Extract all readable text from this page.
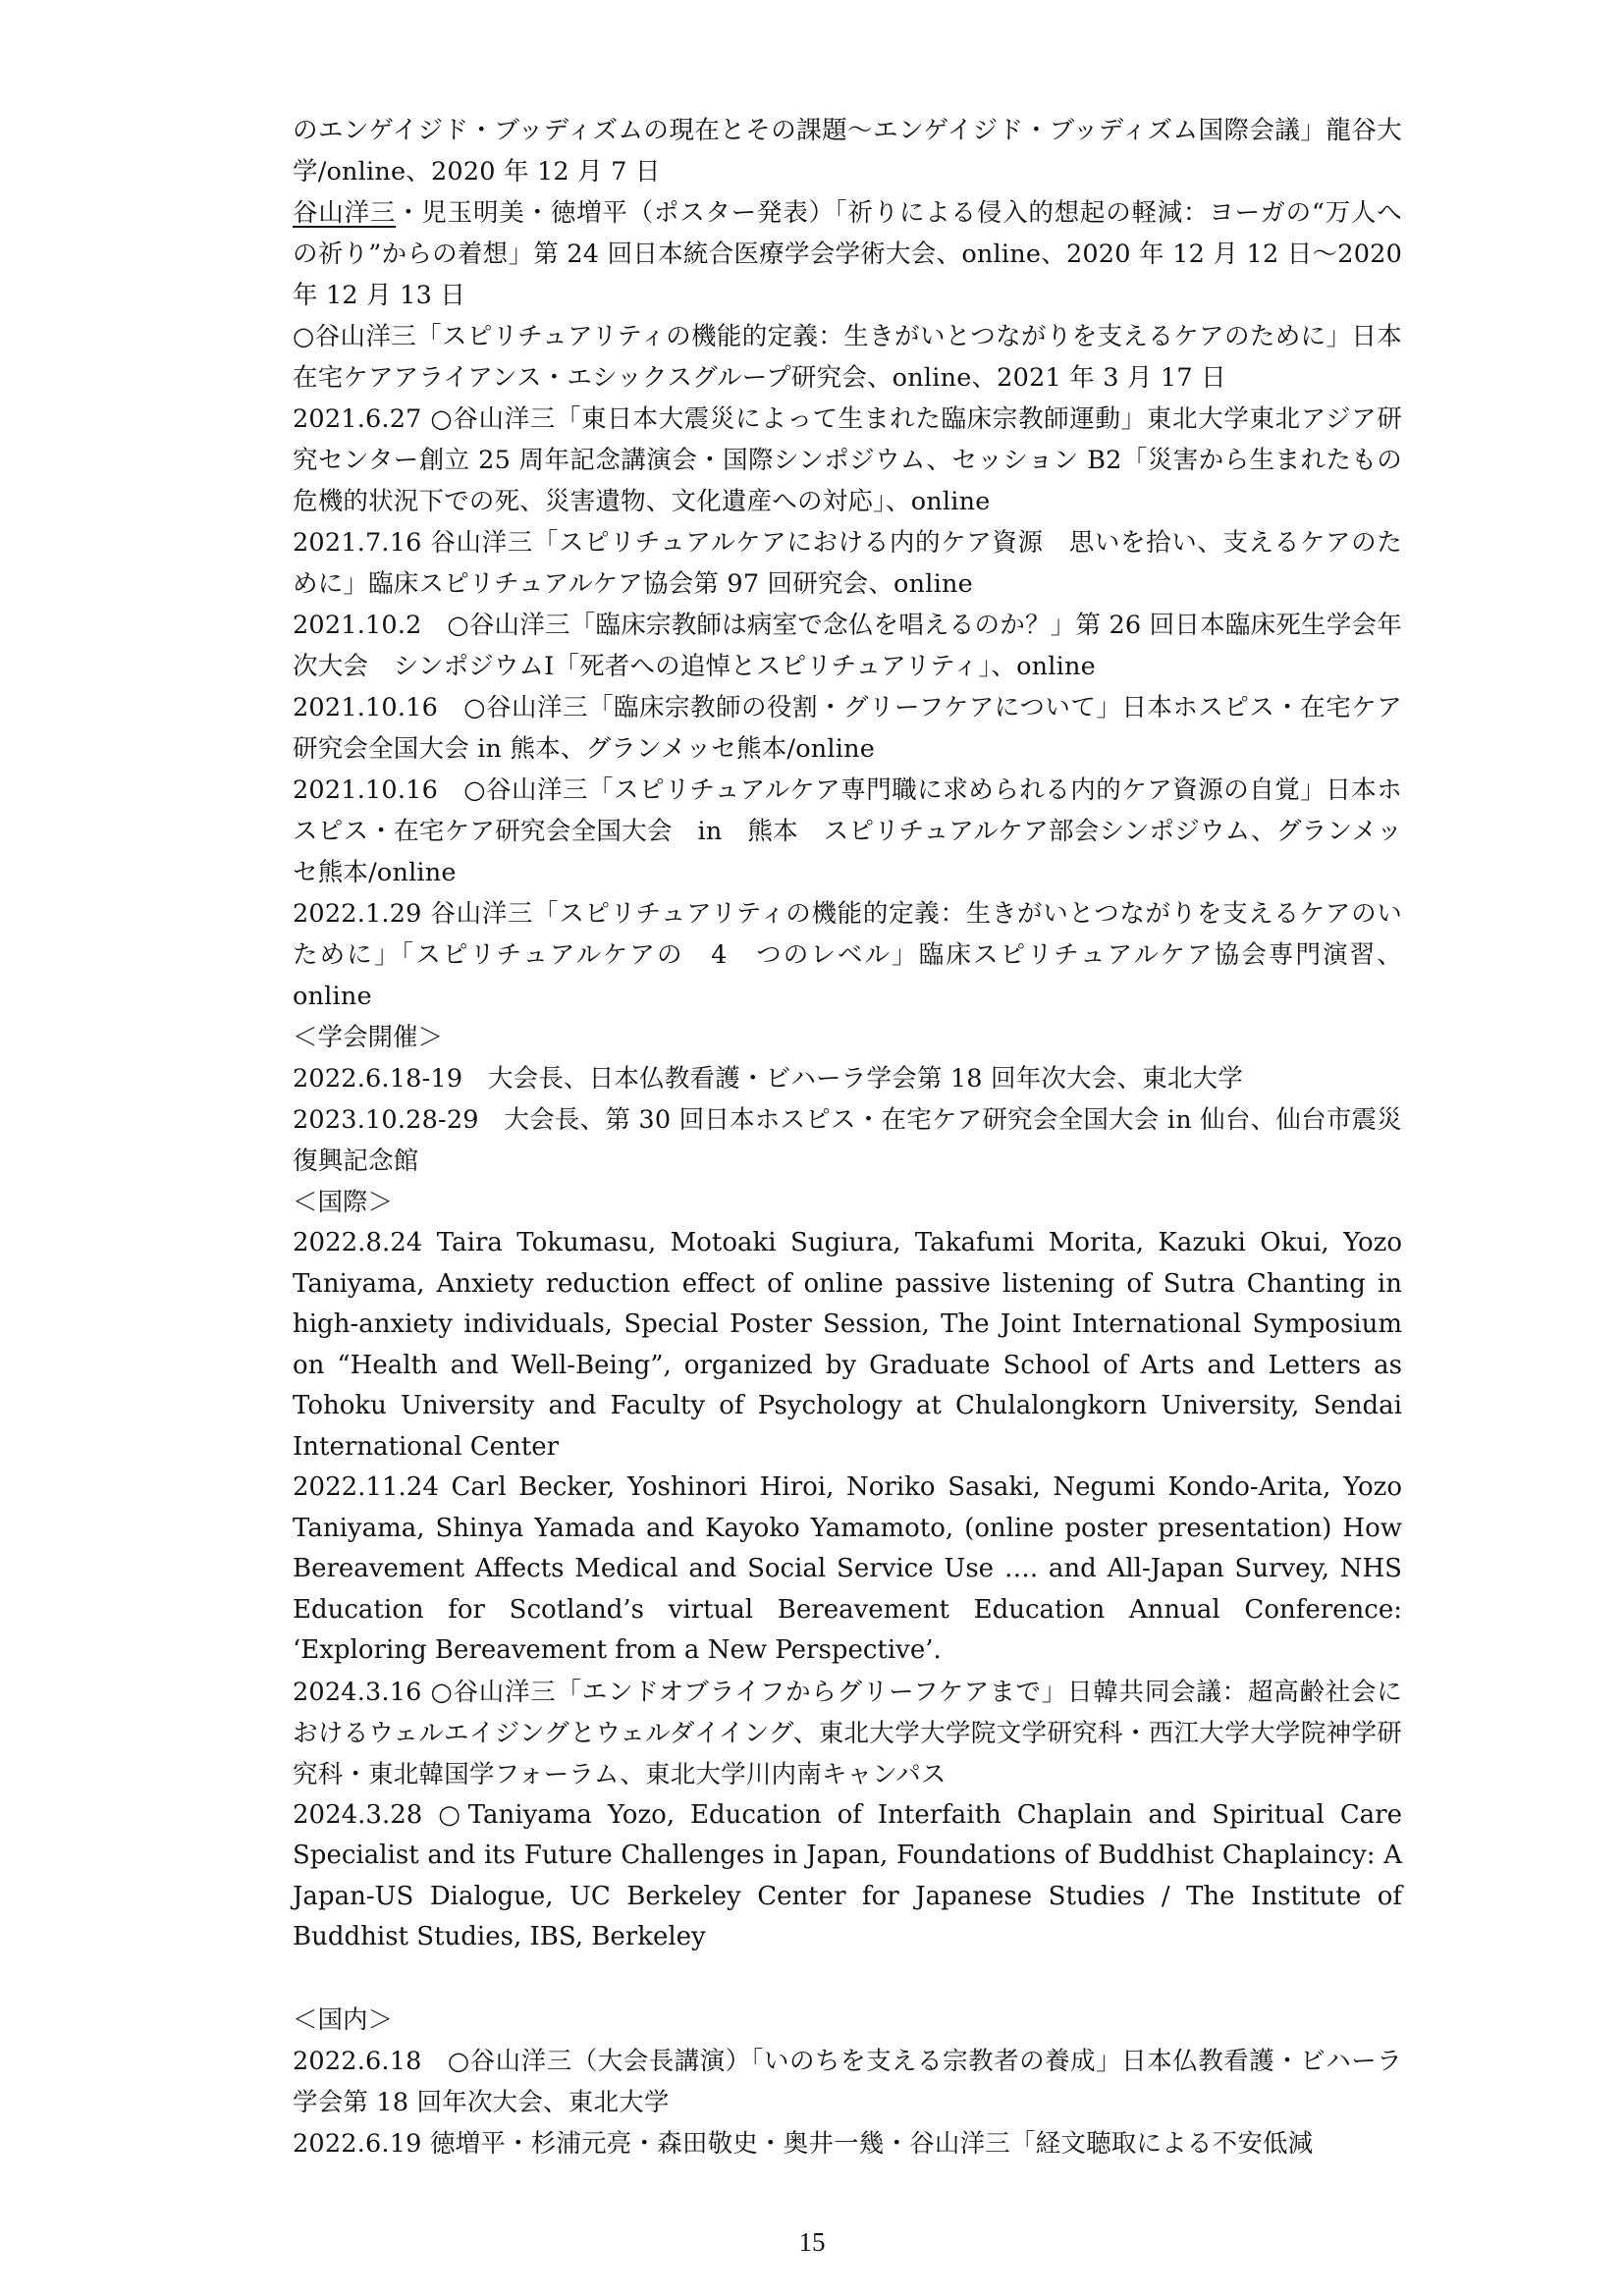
のエンゲイジド・ブッディズムの現在とその課題～エンゲイジド・ブッディズム国際会議」龍谷大学/online、2020 年 12 月 7 日

谷山洋三・児玉明美・徳増平（ポスター発表）「祈りによる侵入的想起の軽減：ヨーガの“万人への祈り”からの着想」第 24 回日本統合医療学会学術大会、online、2020 年 12 月 12 日～2020 年 12 月 13 日

○谷山洋三「スピリチュアリティの機能的定義：生きがいとつながりを支えるケアのために」日本在宅ケアアライアンス・エシックスグループ研究会、online、2021 年 3 月 17 日

2021.6.27 ○谷山洋三「東日本大震災によって生まれた臨床宗教師運動」東北大学東北アジア研究センター創立 25 周年記念講演会・国際シンポジウム、セッション B2「災害から生まれたもの　危機的状況下での死、災害遺物、文化遺産への対応」、online

2021.7.16 谷山洋三「スピリチュアルケアにおける内的ケア資源　思いを拾い、支えるケアのために」臨床スピリチュアルケア協会第 97 回研究会、online

2021.10.2　○谷山洋三「臨床宗教師は病室で念仏を唱えるのか？」第 26 回日本臨床死生学会年次大会　シンポジウムⅠ「死者への追悼とスピリチュアリティ」、online

2021.10.16　○谷山洋三「臨床宗教師の役割・グリーフケアについて」日本ホスピス・在宅ケア研究会全国大会 in 熊本、グランメッセ熊本/online

2021.10.16　○谷山洋三「スピリチュアルケア専門職に求められる内的ケア資源の自覚」日本ホスピス・在宅ケア研究会全国大会　in　熊本　スピリチュアルケア部会シンポジウム、グランメッセ熊本/online

2022.1.29 谷山洋三「スピリチュアリティの機能的定義：生きがいとつながりを支えるケアのいために」「スピリチュアルケアの　4　つのレベル」臨床スピリチュアルケア協会専門演習、online

＜学会開催＞

2022.6.18-19　大会長、日本仏教看護・ビハーラ学会第 18 回年次大会、東北大学

2023.10.28-29　大会長、第 30 回日本ホスピス・在宅ケア研究会全国大会 in 仙台、仙台市震災復興記念館

＜国際＞

2022.8.24 Taira Tokumasu, Motoaki Sugiura, Takafumi Morita, Kazuki Okui, Yozo Taniyama, Anxiety reduction effect of online passive listening of Sutra Chanting in high-anxiety individuals, Special Poster Session, The Joint International Symposium on “Health and Well-Being”, organized by Graduate School of Arts and Letters as Tohoku University and Faculty of Psychology at Chulalongkorn University, Sendai International Center

2022.11.24 Carl Becker, Yoshinori Hiroi, Noriko Sasaki, Negumi Kondo-Arita, Yozo Taniyama, Shinya Yamada and Kayoko Yamamoto, (online poster presentation) How Bereavement Affects Medical and Social Service Use …. and All-Japan Survey, NHS Education for Scotland’s virtual Bereavement Education Annual Conference: ‘Exploring Bereavement from a New Perspective’.

2024.3.16 ○谷山洋三「エンドオブライフからグリーフケアまで」日韓共同会議：超高齢社会におけるウェルエイジングとウェルダイイング、東北大学大学院文学研究科・西江大学大学院神学研究科・東北韓国学フォーラム、東北大学川内南キャンパス

2024.3.28 ○Taniyama Yozo, Education of Interfaith Chaplain and Spiritual Care Specialist and its Future Challenges in Japan, Foundations of Buddhist Chaplaincy: A Japan-US Dialogue, UC Berkeley Center for Japanese Studies / The Institute of Buddhist Studies, IBS, Berkeley

＜国内＞

2022.6.18　○谷山洋三（大会長講演）「いのちを支える宗教者の養成」日本仏教看護・ビハーラ学会第 18 回年次大会、東北大学

2022.6.19 徳増平・杉浦元亮・森田敬史・奥井一幾・谷山洋三「経文聴取による不安低減

15
